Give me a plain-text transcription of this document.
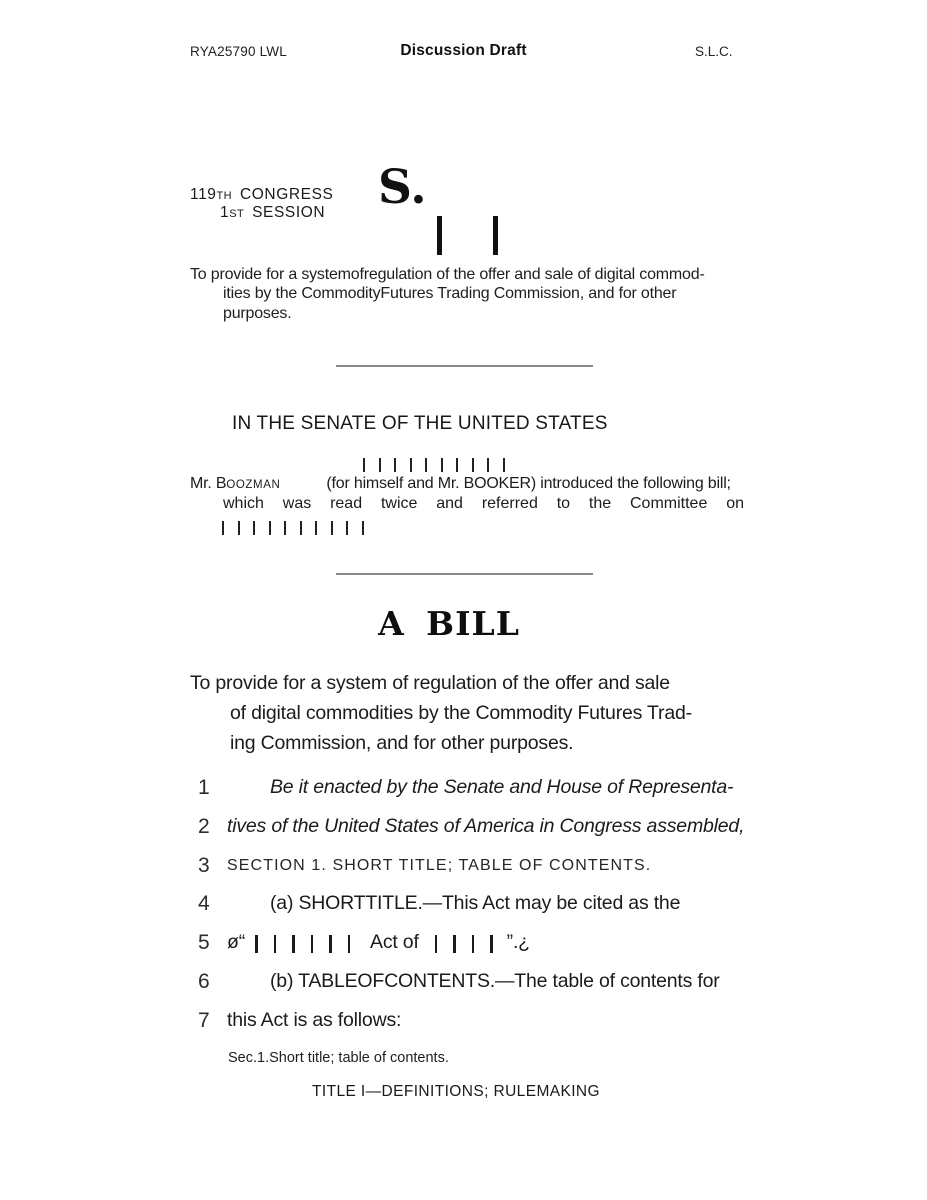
RYA25790 LWL	Discussion Draft	S.L.C.
119TH CONGRESS
1ST SESSION S.
To provide for a systemofregulation of the offer and sale of digital commod-
ities by the CommodityFutures Trading Commission, and for other
purposes.
IN THE SENATE OF THE UNITED STATES
Mr. BOOZMAN	(for himself and Mr. BOOKER) introduced the following bill;
which was read twice and referred to the Committee on
A BILL
To provide for a system of regulation of the offer and sale
of digital commodities by the Commodity Futures Trad-
ing Commission, and for other purposes.
1	Be it enacted by the Senate and House of Representa-
2 tives of the United States of America in Congress assembled,
3 SECTION 1. SHORT TITLE; TABLE OF CONTENTS.
4	(a) SHORTTITLE.—This Act may be cited as the
5 ø“	Act of	”.¿
6	(b) TABLEOFCONTENTS.—The table of contents for
7 this Act is as follows:
Sec.1.Short title; table of contents.
TITLE I—DEFINITIONS; RULEMAKING
